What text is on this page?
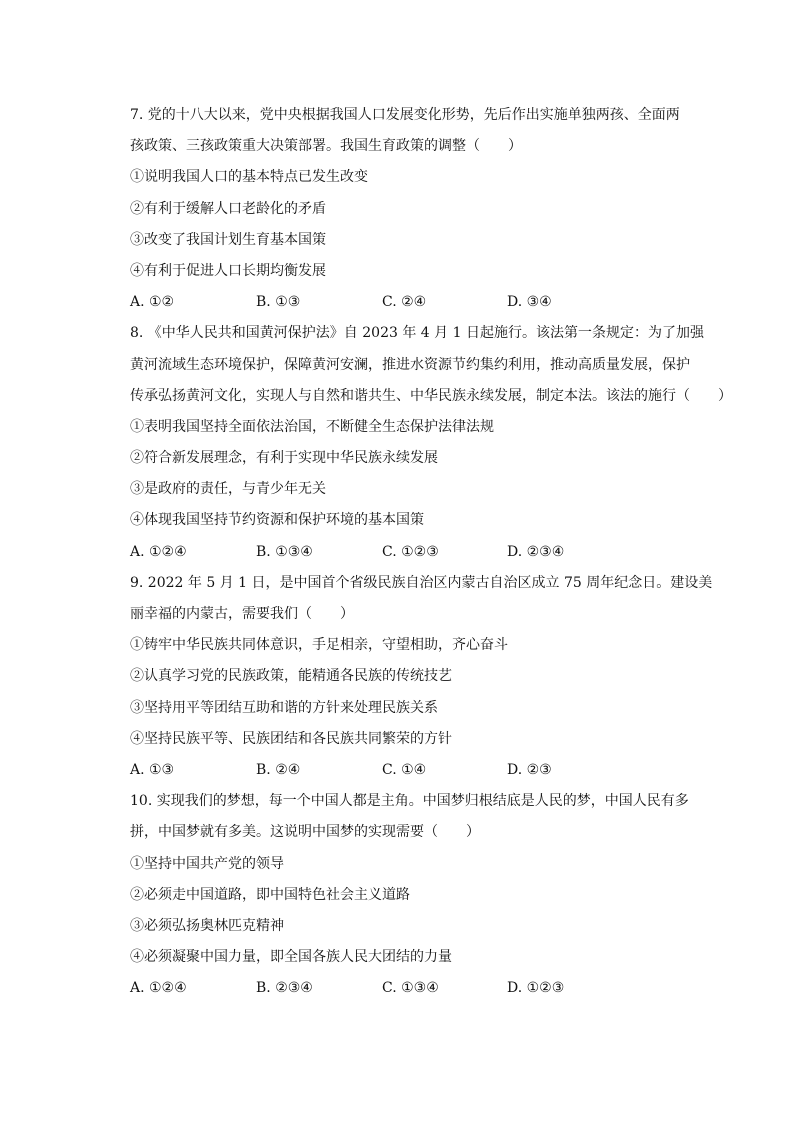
7. 党的十八大以来，党中央根据我国人口发展变化形势，先后作出实施单独两孩、全面两
孩政策、三孩政策重大决策部署。我国生育政策的调整（　　）
①说明我国人口的基本特点已发生改变
②有利于缓解人口老龄化的矛盾
③改变了我国计划生育基本国策
④有利于促进人口长期均衡发展
A. ①②	B. ①③	C. ②④	D. ③④
8. 《中华人民共和国黄河保护法》自 2023 年 4 月 1 日起施行。该法第一条规定：为了加强
黄河流域生态环境保护，保障黄河安澜，推进水资源节约集约利用，推动高质量发展，保护
传承弘扬黄河文化，实现人与自然和谐共生、中华民族永续发展，制定本法。该法的施行（　　）
①表明我国坚持全面依法治国，不断健全生态保护法律法规
②符合新发展理念，有利于实现中华民族永续发展
③是政府的责任，与青少年无关
④体现我国坚持节约资源和保护环境的基本国策
A. ①②④	B. ①③④	C. ①②③	D. ②③④
9. 2022 年 5 月 1 日，是中国首个省级民族自治区内蒙古自治区成立 75 周年纪念日。建设美
丽幸福的内蒙古，需要我们（　　）
①铸牢中华民族共同体意识，手足相亲，守望相助，齐心奋斗
②认真学习党的民族政策，能精通各民族的传统技艺
③坚持用平等团结互助和谐的方针来处理民族关系
④坚持民族平等、民族团结和各民族共同繁荣的方针
A. ①③	B. ②④	C. ①④	D. ②③
10. 实现我们的梦想，每一个中国人都是主角。中国梦归根结底是人民的梦，中国人民有多
拼，中国梦就有多美。这说明中国梦的实现需要（　　）
①坚持中国共产党的领导
②必须走中国道路，即中国特色社会主义道路
③必须弘扬奥林匹克精神
④必须凝聚中国力量，即全国各族人民大团结的力量
A. ①②④	B. ②③④	C. ①③④	D. ①②③
